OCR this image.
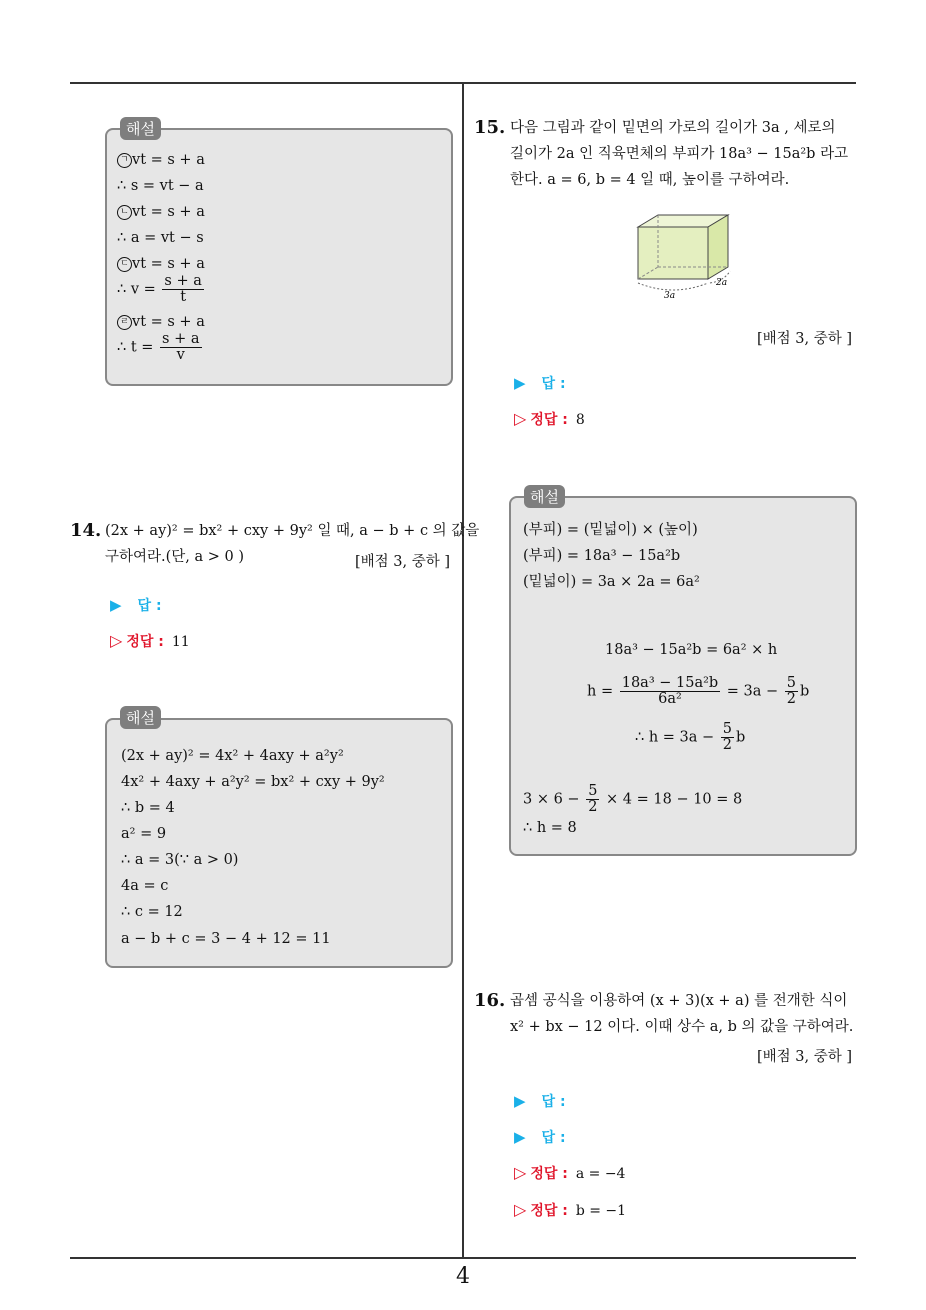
4
ㄱ vt = s + a
∴ s = vt − a
ㄴ vt = s + a
∴ a = vt − s
ㄷ vt = s + a
∴ $v = \frac{s + a}{t}$
ㄹ vt = s + a
∴ $t = \frac{s + a}{v}$
해설
14. (2x + ay)² = bx² + cxy + 9y² 일 때, a − b + c 의 값을
구하여라.(단, a > 0 )	[배점 3, 중하 ]
▶ 답 :
▷ 정답 : 11
(2x + ay)² = 4x² + 4axy + a²y²
4x² + 4axy + a²y² = bx² + cxy + 9y²
∴ b = 4
a² = 9
∴ a = 3(∵ a > 0)
4a = c
∴ c = 12
a − b + c = 3 − 4 + 12 = 11
해설
15. 다음 그림과 같이 밑면의 가로의 길이가 3a , 세로의
길이가 2a 인 직육면체의 부피가 18a³ − 15a²b 라고
한다. a = 6, b = 4 일 때, 높이를 구하여라.
3a
2a
[배점 3, 중하 ]
▶ 답 :
▷ 정답 : 8
(부피) = (밑넓이) × (높이)
(부피) = 18a³ − 15a²b
(밑넓이) = 3a × 2a = 6a²
18a³ − 15a²b = 6a² × h
$h = \frac{\text{18a³ − 15a²b}}{\text{6a²}} = 3a - \frac{5}{2}$ b
∴ $h = 3a - \frac{5}{2}$ b
$3 \times 6 - \frac{5}{2} \times 4 = 18 - 10 = 8$
∴ h = 8
해설
16. 곱셈 공식을 이용하여 (x + 3)(x + a) 를 전개한 식이
x² + bx − 12 이다. 이때 상수 a, b 의 값을 구하여라.
[배점 3, 중하 ]
▶ 답 :
▶ 답 :
▷ 정답 : a = −4
▷ 정답 : b = −1
